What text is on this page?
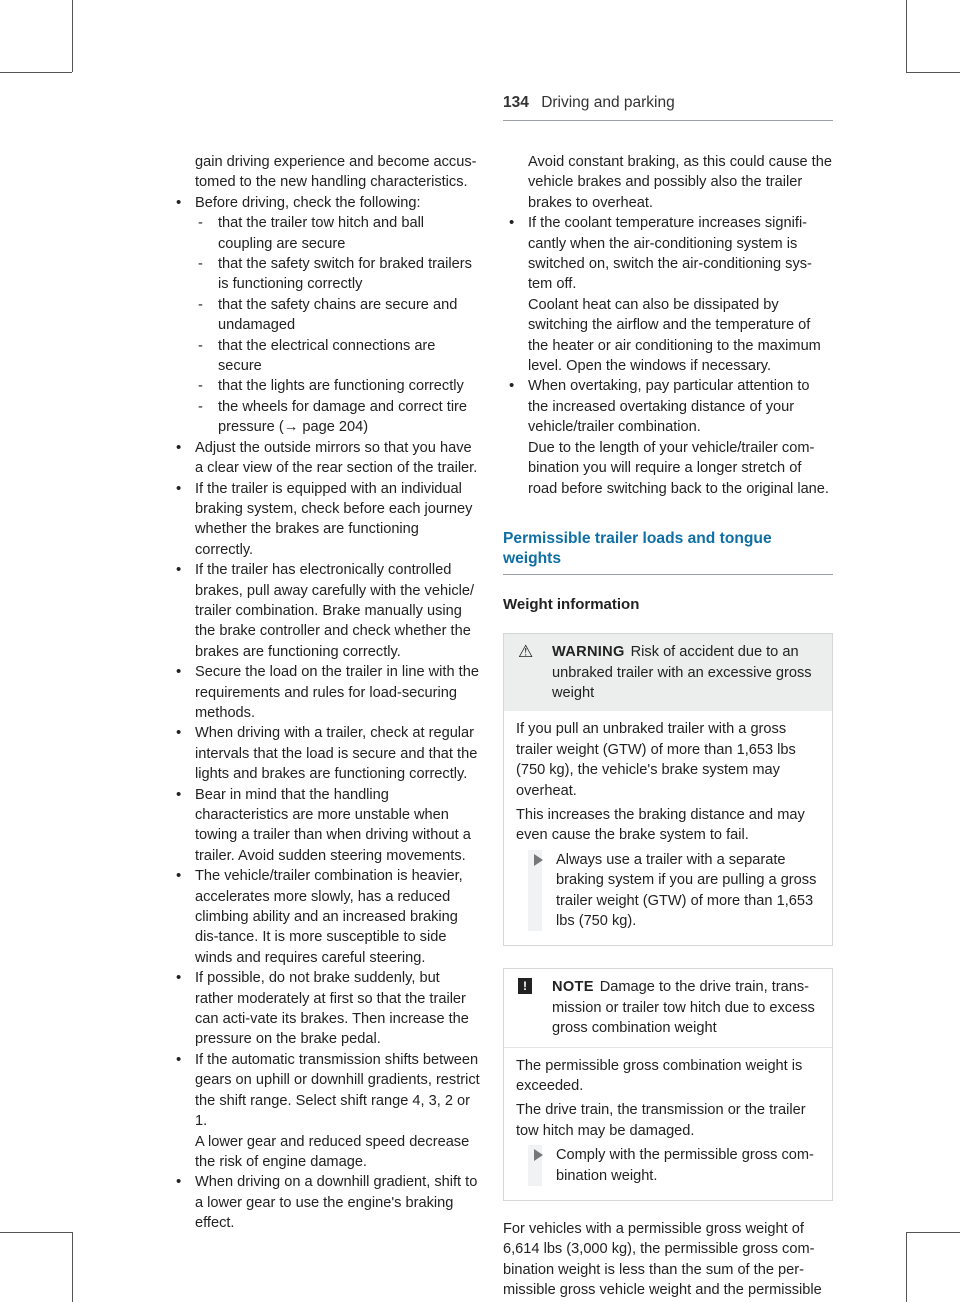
134 Driving and parking

gain driving experience and become accus-tomed to the new handling characteristics.

• Before driving, check the following:

- that the trailer tow hitch and ball coupling are secure

- that the safety switch for braked trailers is functioning correctly

- that the safety chains are secure and undamaged

- that the electrical connections are secure

- that the lights are functioning correctly

- the wheels for damage and correct tire pressure (→ page 204)

• Adjust the outside mirrors so that you have a clear view of the rear section of the trailer.

• If the trailer is equipped with an individual braking system, check before each journey whether the brakes are functioning correctly.

• If the trailer has electronically controlled brakes, pull away carefully with the vehicle/ trailer combination. Brake manually using the brake controller and check whether the brakes are functioning correctly.

• Secure the load on the trailer in line with the requirements and rules for load-securing methods.

• When driving with a trailer, check at regular intervals that the load is secure and that the lights and brakes are functioning correctly.

• Bear in mind that the handling characteristics are more unstable when towing a trailer than when driving without a trailer. Avoid sudden steering movements.

• The vehicle/trailer combination is heavier, accelerates more slowly, has a reduced climbing ability and an increased braking dis-tance. It is more susceptible to side winds and requires careful steering.

• If possible, do not brake suddenly, but rather moderately at first so that the trailer can acti-vate its brakes. Then increase the pressure on the brake pedal.

• If the automatic transmission shifts between gears on uphill or downhill gradients, restrict the shift range. Select shift range 4, 3, 2 or 1.

A lower gear and reduced speed decrease the risk of engine damage.

• When driving on a downhill gradient, shift to a lower gear to use the engine's braking effect.

Avoid constant braking, as this could cause the vehicle brakes and possibly also the trailer brakes to overheat.

• If the coolant temperature increases signifi-cantly when the air-conditioning system is switched on, switch the air-conditioning sys-tem off.

Coolant heat can also be dissipated by switching the airflow and the temperature of the heater or air conditioning to the maximum level. Open the windows if necessary.

• When overtaking, pay particular attention to the increased overtaking distance of your vehicle/trailer combination.

Due to the length of your vehicle/trailer com-bination you will require a longer stretch of road before switching back to the original lane.

Permissible trailer loads and tongue weights
Weight information
⚠ WARNING Risk of accident due to an unbraked trailer with an excessive gross weight

If you pull an unbraked trailer with a gross trailer weight (GTW) of more than 1,653 lbs (750 kg), the vehicle's brake system may overheat.

This increases the braking distance and may even cause the brake system to fail.

Always use a trailer with a separate braking system if you are pulling a gross trailer weight (GTW) of more than 1,653 lbs (750 kg).

!	NOTE Damage to the drive train, trans-mission or trailer tow hitch due to excess gross combination weight

The permissible gross combination weight is exceeded.

The drive train, the transmission or the trailer tow hitch may be damaged.

Comply with the permissible gross com-bination weight.

For vehicles with a permissible gross weight of 6,614 lbs (3,000 kg), the permissible gross com-bination weight is less than the sum of the per-missible gross vehicle weight and the permissible
